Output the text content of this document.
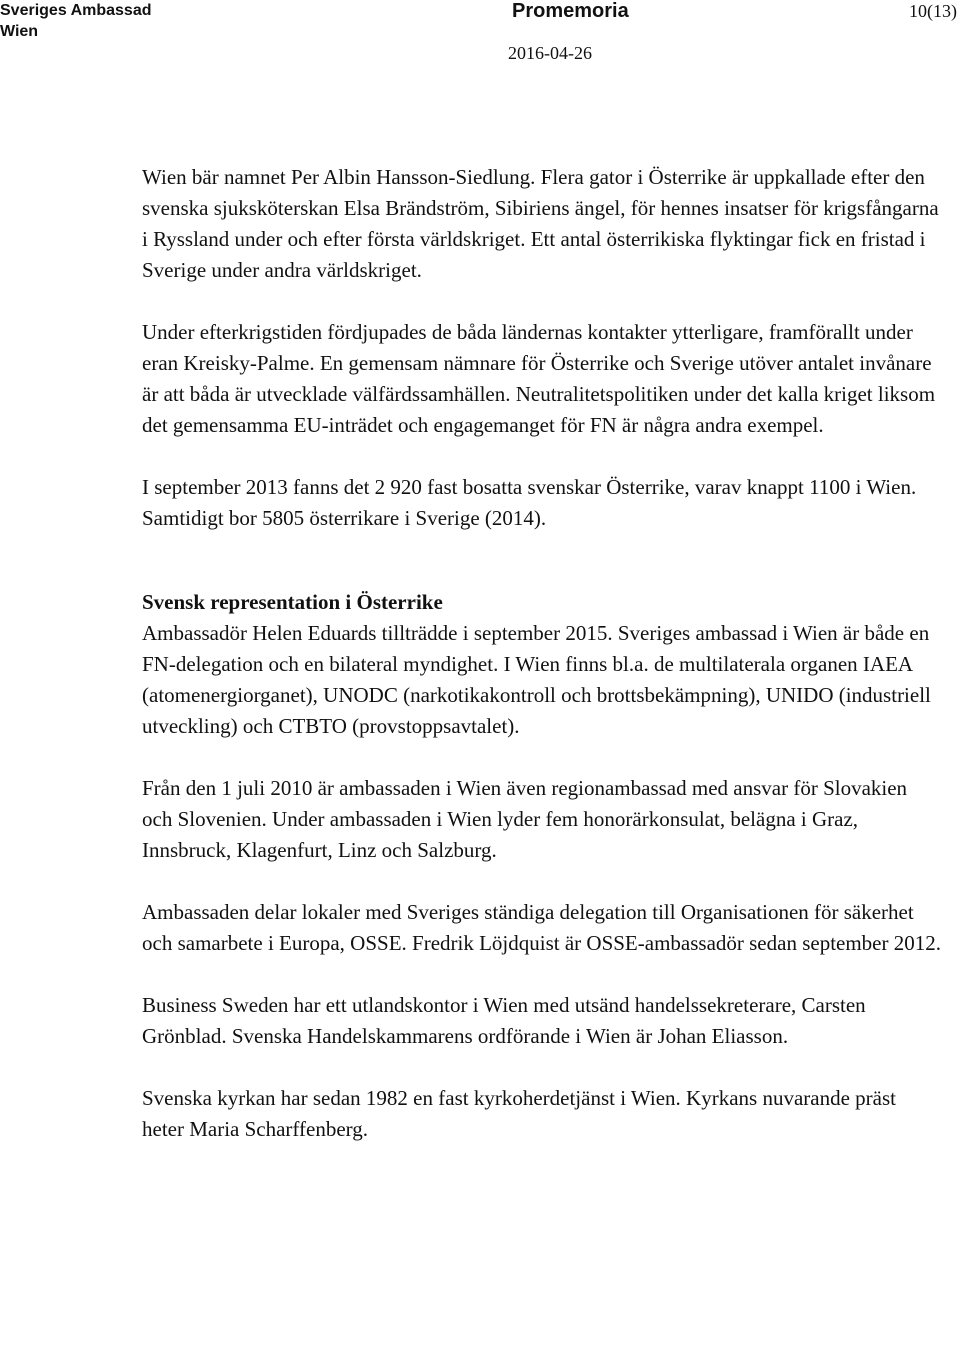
Sveriges Ambassad
Wien
Promemoria
2016-04-26
10(13)

Wien bär namnet Per Albin Hansson-Siedlung. Flera gator i Österrike är uppkallade efter den svenska sjuksköterskan Elsa Brändström, Sibiriens ängel, för hennes insatser för krigsfångarna i Ryssland under och efter första världskriget. Ett antal österrikiska flyktingar fick en fristad i Sverige under andra världskriget.

Under efterkrigstiden fördjupades de båda ländernas kontakter ytterligare, framförallt under eran Kreisky-Palme. En gemensam nämnare för Österrike och Sverige utöver antalet invånare är att båda är utvecklade välfärdssamhällen. Neutralitetspolitiken under det kalla kriget liksom det gemensamma EU-inträdet och engagemanget för FN är några andra exempel.

I september 2013 fanns det 2 920 fast bosatta svenskar Österrike, varav knappt 1100 i Wien. Samtidigt bor 5805 österrikare i Sverige (2014).

Svensk representation i Österrike

Ambassadör Helen Eduards tillträdde i september 2015. Sveriges ambassad i Wien är både en FN-delegation och en bilateral myndighet. I Wien finns bl.a. de multilaterala organen IAEA (atomenergiorganet), UNODC (narkotikakontroll och brottsbekämpning), UNIDO (industriell utveckling) och CTBTO (provstoppsavtalet).

Från den 1 juli 2010 är ambassaden i Wien även regionambassad med ansvar för Slovakien och Slovenien. Under ambassaden i Wien lyder fem honorärkonsulat, belägna i Graz, Innsbruck, Klagenfurt, Linz och Salzburg.

Ambassaden delar lokaler med Sveriges ständiga delegation till Organisationen för säkerhet och samarbete i Europa, OSSE. Fredrik Löjdquist är OSSE-ambassadör sedan september 2012.

Business Sweden har ett utlandskontor i Wien med utsänd handelssekreterare, Carsten Grönblad. Svenska Handelskammarens ordförande i Wien är Johan Eliasson.

Svenska kyrkan har sedan 1982 en fast kyrkoherdetjänst i Wien. Kyrkans nuvarande präst heter Maria Scharffenberg.
